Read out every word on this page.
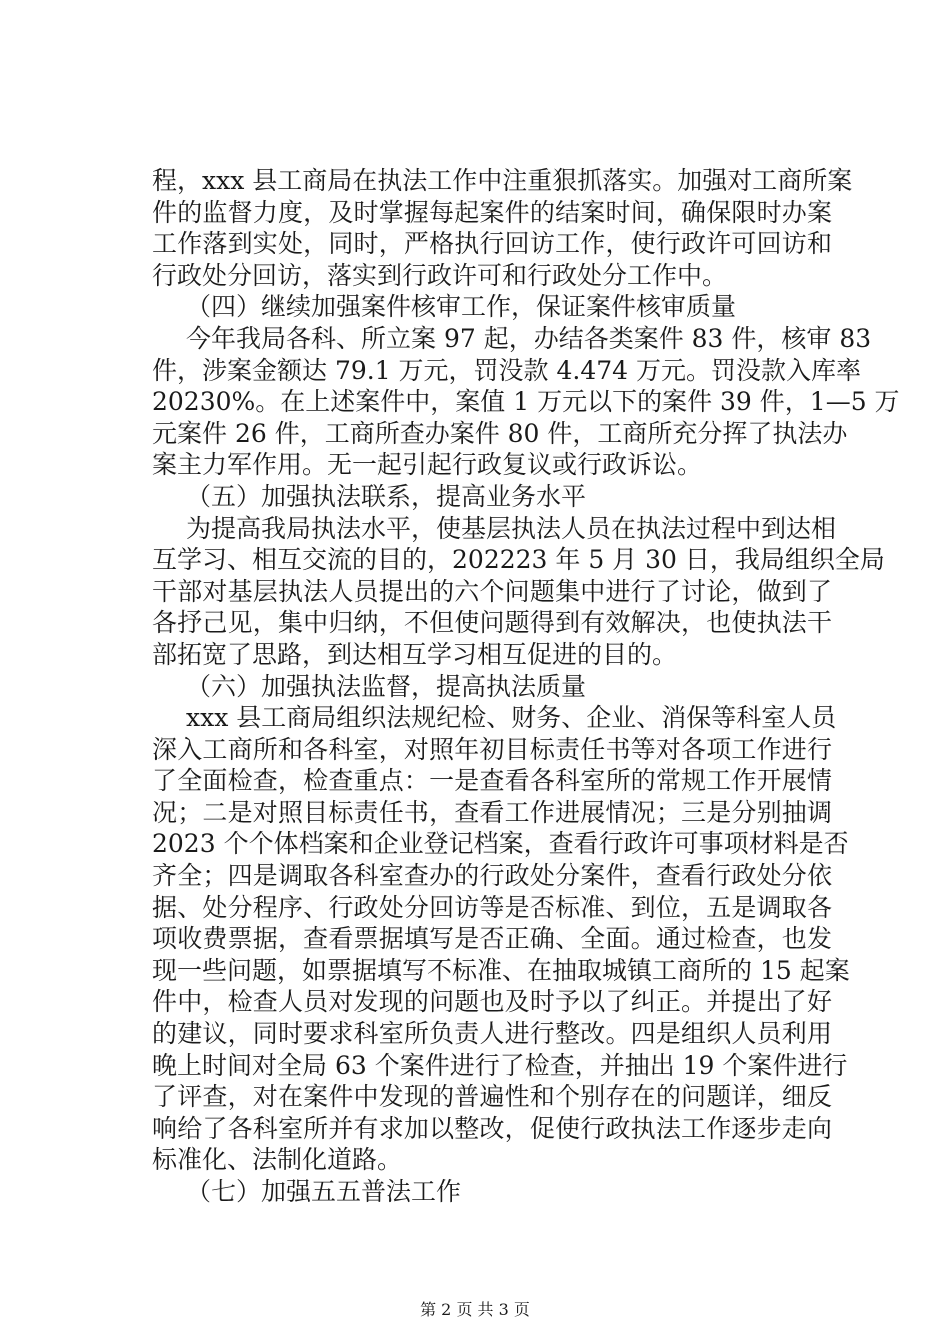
程，xxx 县工商局在执法工作中注重狠抓落实。加强对工商所案
件的监督力度，及时掌握每起案件的结案时间，确保限时办案
工作落到实处，同时，严格执行回访工作，使行政许可回访和
行政处分回访，落实到行政许可和行政处分工作中。
（四）继续加强案件核审工作，保证案件核审质量
今年我局各科、所立案 97 起，办结各类案件 83 件，核审 83
件，涉案金额达 79.1 万元，罚没款 4.474 万元。罚没款入库率
20230%。在上述案件中，案值 1 万元以下的案件 39 件，1—5 万
元案件 26 件，工商所查办案件 80 件，工商所充分挥了执法办
案主力军作用。无一起引起行政复议或行政诉讼。
（五）加强执法联系，提高业务水平
为提高我局执法水平，使基层执法人员在执法过程中到达相
互学习、相互交流的目的，202223 年 5 月 30 日，我局组织全局
干部对基层执法人员提出的六个问题集中进行了讨论，做到了
各抒己见，集中归纳，不但使问题得到有效解决，也使执法干
部拓宽了思路，到达相互学习相互促进的目的。
（六）加强执法监督，提高执法质量
xxx 县工商局组织法规纪检、财务、企业、消保等科室人员
深入工商所和各科室，对照年初目标责任书等对各项工作进行
了全面检查，检查重点：一是查看各科室所的常规工作开展情
况；二是对照目标责任书，查看工作进展情况；三是分别抽调
2023 个个体档案和企业登记档案，查看行政许可事项材料是否
齐全；四是调取各科室查办的行政处分案件，查看行政处分依
据、处分程序、行政处分回访等是否标准、到位，五是调取各
项收费票据，查看票据填写是否正确、全面。通过检查，也发
现一些问题，如票据填写不标准、在抽取城镇工商所的 15 起案
件中，检查人员对发现的问题也及时予以了纠正。并提出了好
的建议，同时要求科室所负责人进行整改。四是组织人员利用
晚上时间对全局 63 个案件进行了检查，并抽出 19 个案件进行
了评查，对在案件中发现的普遍性和个别存在的问题详，细反
响给了各科室所并有求加以整改，促使行政执法工作逐步走向
标准化、法制化道路。
（七）加强五五普法工作
第 2 页 共 3 页
